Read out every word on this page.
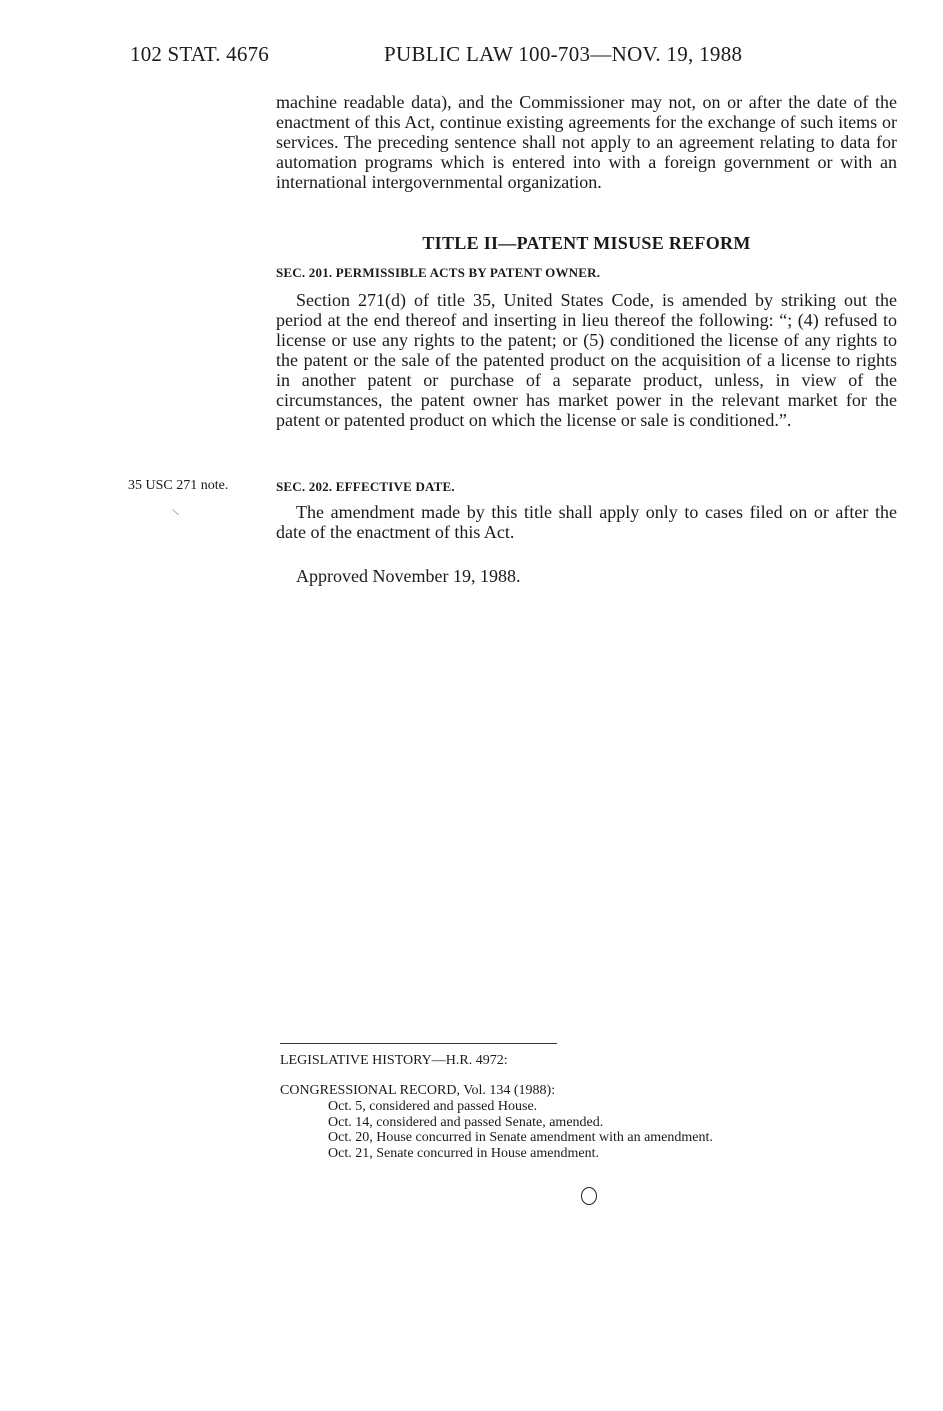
102 STAT. 4676	PUBLIC LAW 100-703—NOV. 19, 1988

machine readable data), and the Commissioner may not, on or after the date of the enactment of this Act, continue existing agreements for the exchange of such items or services. The preceding sentence shall not apply to an agreement relating to data for automation programs which is entered into with a foreign government or with an international intergovernmental organization.

TITLE II—PATENT MISUSE REFORM
SEC. 201. PERMISSIBLE ACTS BY PATENT OWNER.

Section 271(d) of title 35, United States Code, is amended by striking out the period at the end thereof and inserting in lieu thereof the following: “; (4) refused to license or use any rights to the patent; or (5) conditioned the license of any rights to the patent or the sale of the patented product on the acquisition of a license to rights in another patent or purchase of a separate product, unless, in view of the circumstances, the patent owner has market power in the relevant market for the patent or patented product on which the license or sale is conditioned.”.

35 USC 271 note.
\
SEC. 202. EFFECTIVE DATE.

The amendment made by this title shall apply only to cases filed on or after the date of the enactment of this Act.

Approved November 19, 1988.
LEGISLATIVE HISTORY—H.R. 4972:
CONGRESSIONAL RECORD, Vol. 134 (1988):
Oct. 5, considered and passed House.
Oct. 14, considered and passed Senate, amended.
Oct. 20, House concurred in Senate amendment with an amendment.
Oct. 21, Senate concurred in House amendment.
